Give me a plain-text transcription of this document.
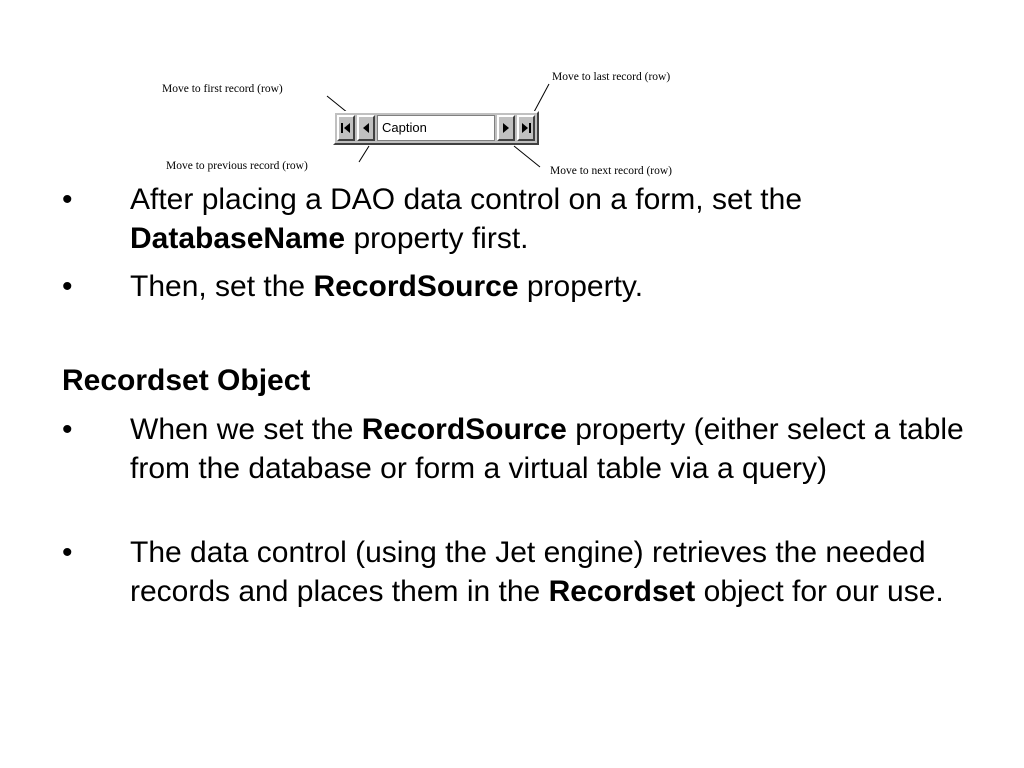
Move to first record (row)
Move to last record (row)
Move to previous record (row)	Move to next record (row)
Caption
• After placing a DAO data control on a form, set the DatabaseName property first.
• Then, set the RecordSource property.
Recordset Object
• When we set the RecordSource property (either select a table from the database or form a virtual table via a query)
• The data control (using the Jet engine) retrieves the needed records and places them in the Recordset object for our use.
